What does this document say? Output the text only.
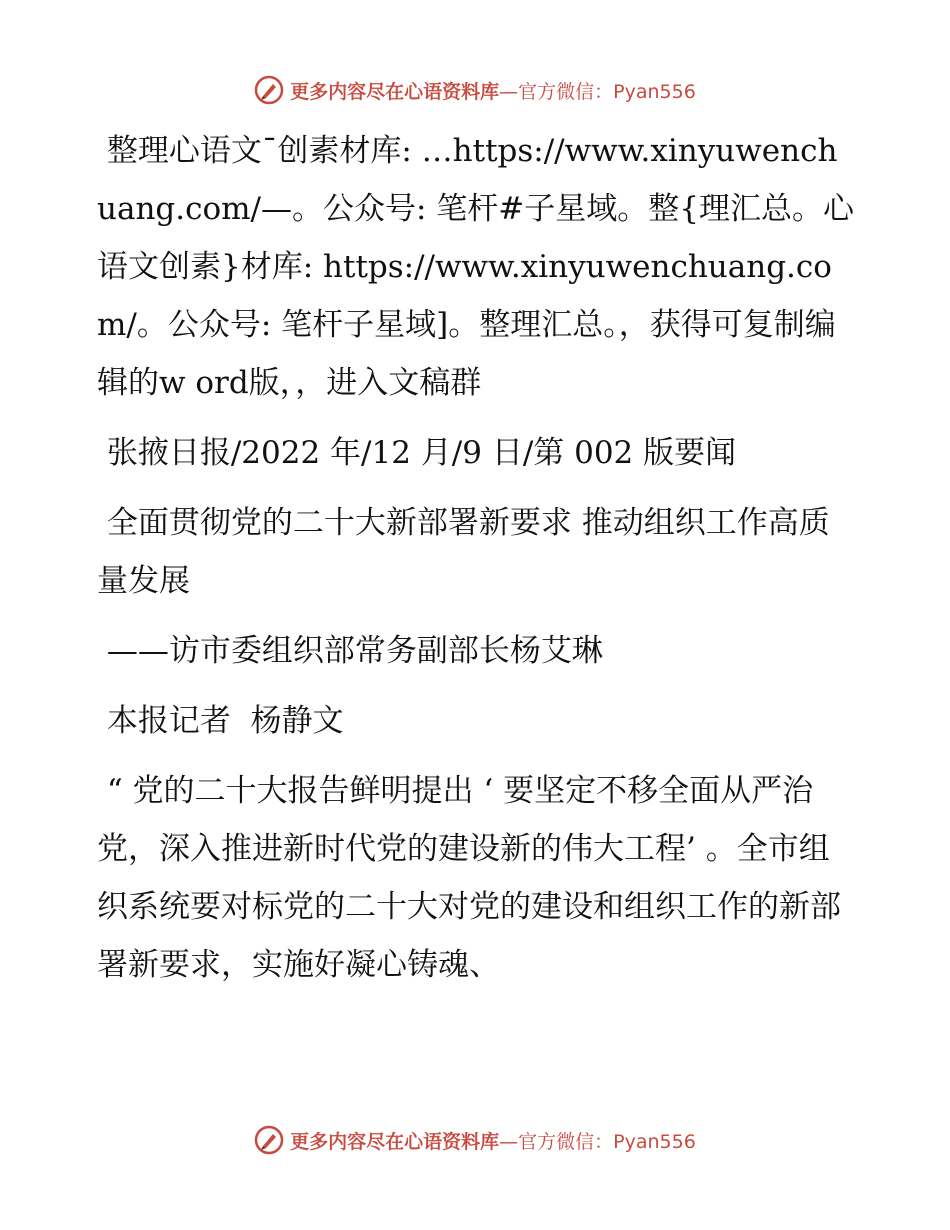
更多内容尽在心语资料库—官方微信：Pyan556

整理心语文¯创素材库: …https://www.xinyuwenchuang.com/—。公众号: 笔杆#子星域。整{理汇总。心语文创素}材库: https://www.xinyuwenchuang.com/。公众号: 笔杆子星域]。整理汇总。，获得可复制编辑的w ord版，，进入文稿群

张掖日报/2022 年/12 月/9 日/第 002 版要闻

全面贯彻党的二十大新部署新要求 推动组织工作高质量发展

——访市委组织部常务副部长杨艾琳

本报记者  杨静文

“ 党的二十大报告鲜明提出 ‘ 要坚定不移全面从严治党，深入推进新时代党的建设新的伟大工程’ 。全市组织系统要对标党的二十大对党的建设和组织工作的新部署新要求，实施好凝心铸魂、

更多内容尽在心语资料库—官方微信：Pyan556
